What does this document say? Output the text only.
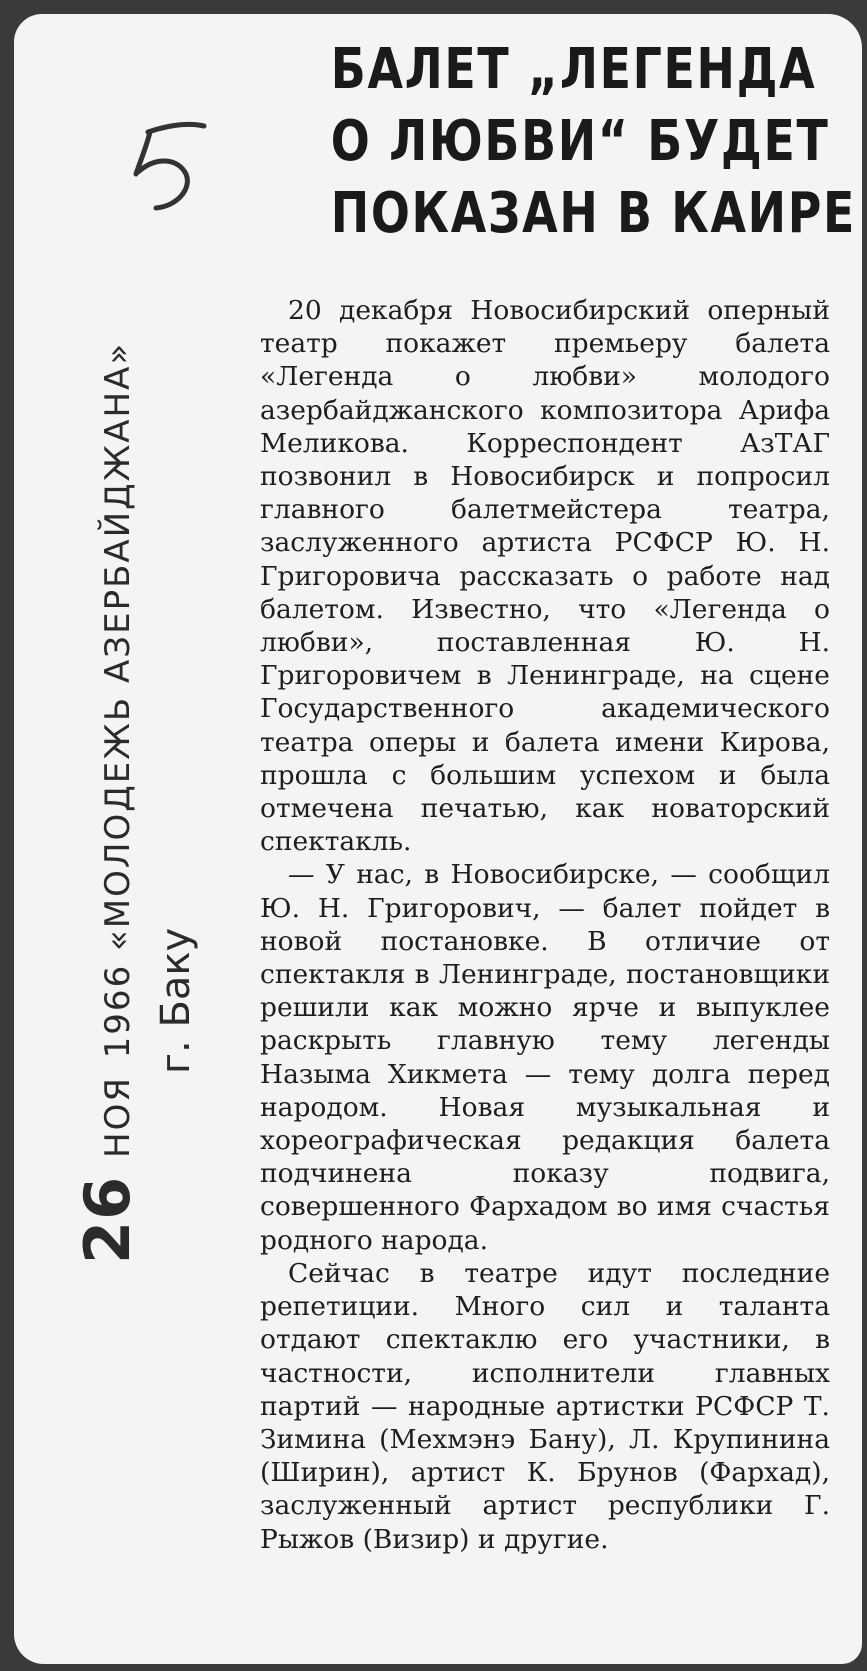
26 НОЯ 1966 «МОЛОДЕЖЬ АЗЕРБАЙДЖАНА» г. Баку
БАЛЕТ „ЛЕГЕНДА
О ЛЮБВИ“ БУДЕТ
ПОКАЗАН В КАИРЕ

20 декабря Новосибирский оперный театр покажет премьеру балета «Легенда о любви» молодого азербайджанского композитора Арифа Меликова. Корреспондент АзТАГ позвонил в Новосибирск и попросил главного балетмейстера театра, заслуженного артиста РСФСР Ю. Н. Григоровича рассказать о работе над балетом. Известно, что «Легенда о любви», поставленная Ю. Н. Григоровичем в Ленинграде, на сцене Государственного академического театра оперы и балета имени Кирова, прошла с большим успехом и была отмечена печатью, как новаторский спектакль.

— У нас, в Новосибирске, — сообщил Ю. Н. Григорович, — балет пойдет в новой постановке. В отличие от спектакля в Ленинграде, постановщики решили как можно ярче и выпуклее раскрыть главную тему легенды Назыма Хикмета — тему долга перед народом. Новая музыкальная и хореографическая редакция балета подчинена показу подвига, совершенного Фархадом во имя счастья родного народа.

Сейчас в театре идут последние репетиции. Много сил и таланта отдают спектаклю его участники, в частности, исполнители главных партий — народные артистки РСФСР Т. Зимина (Мехмэнэ Бану), Л. Крупинина (Ширин), артист К. Брунов (Фархад), заслуженный артист республики Г. Рыжов (Визир) и другие.
